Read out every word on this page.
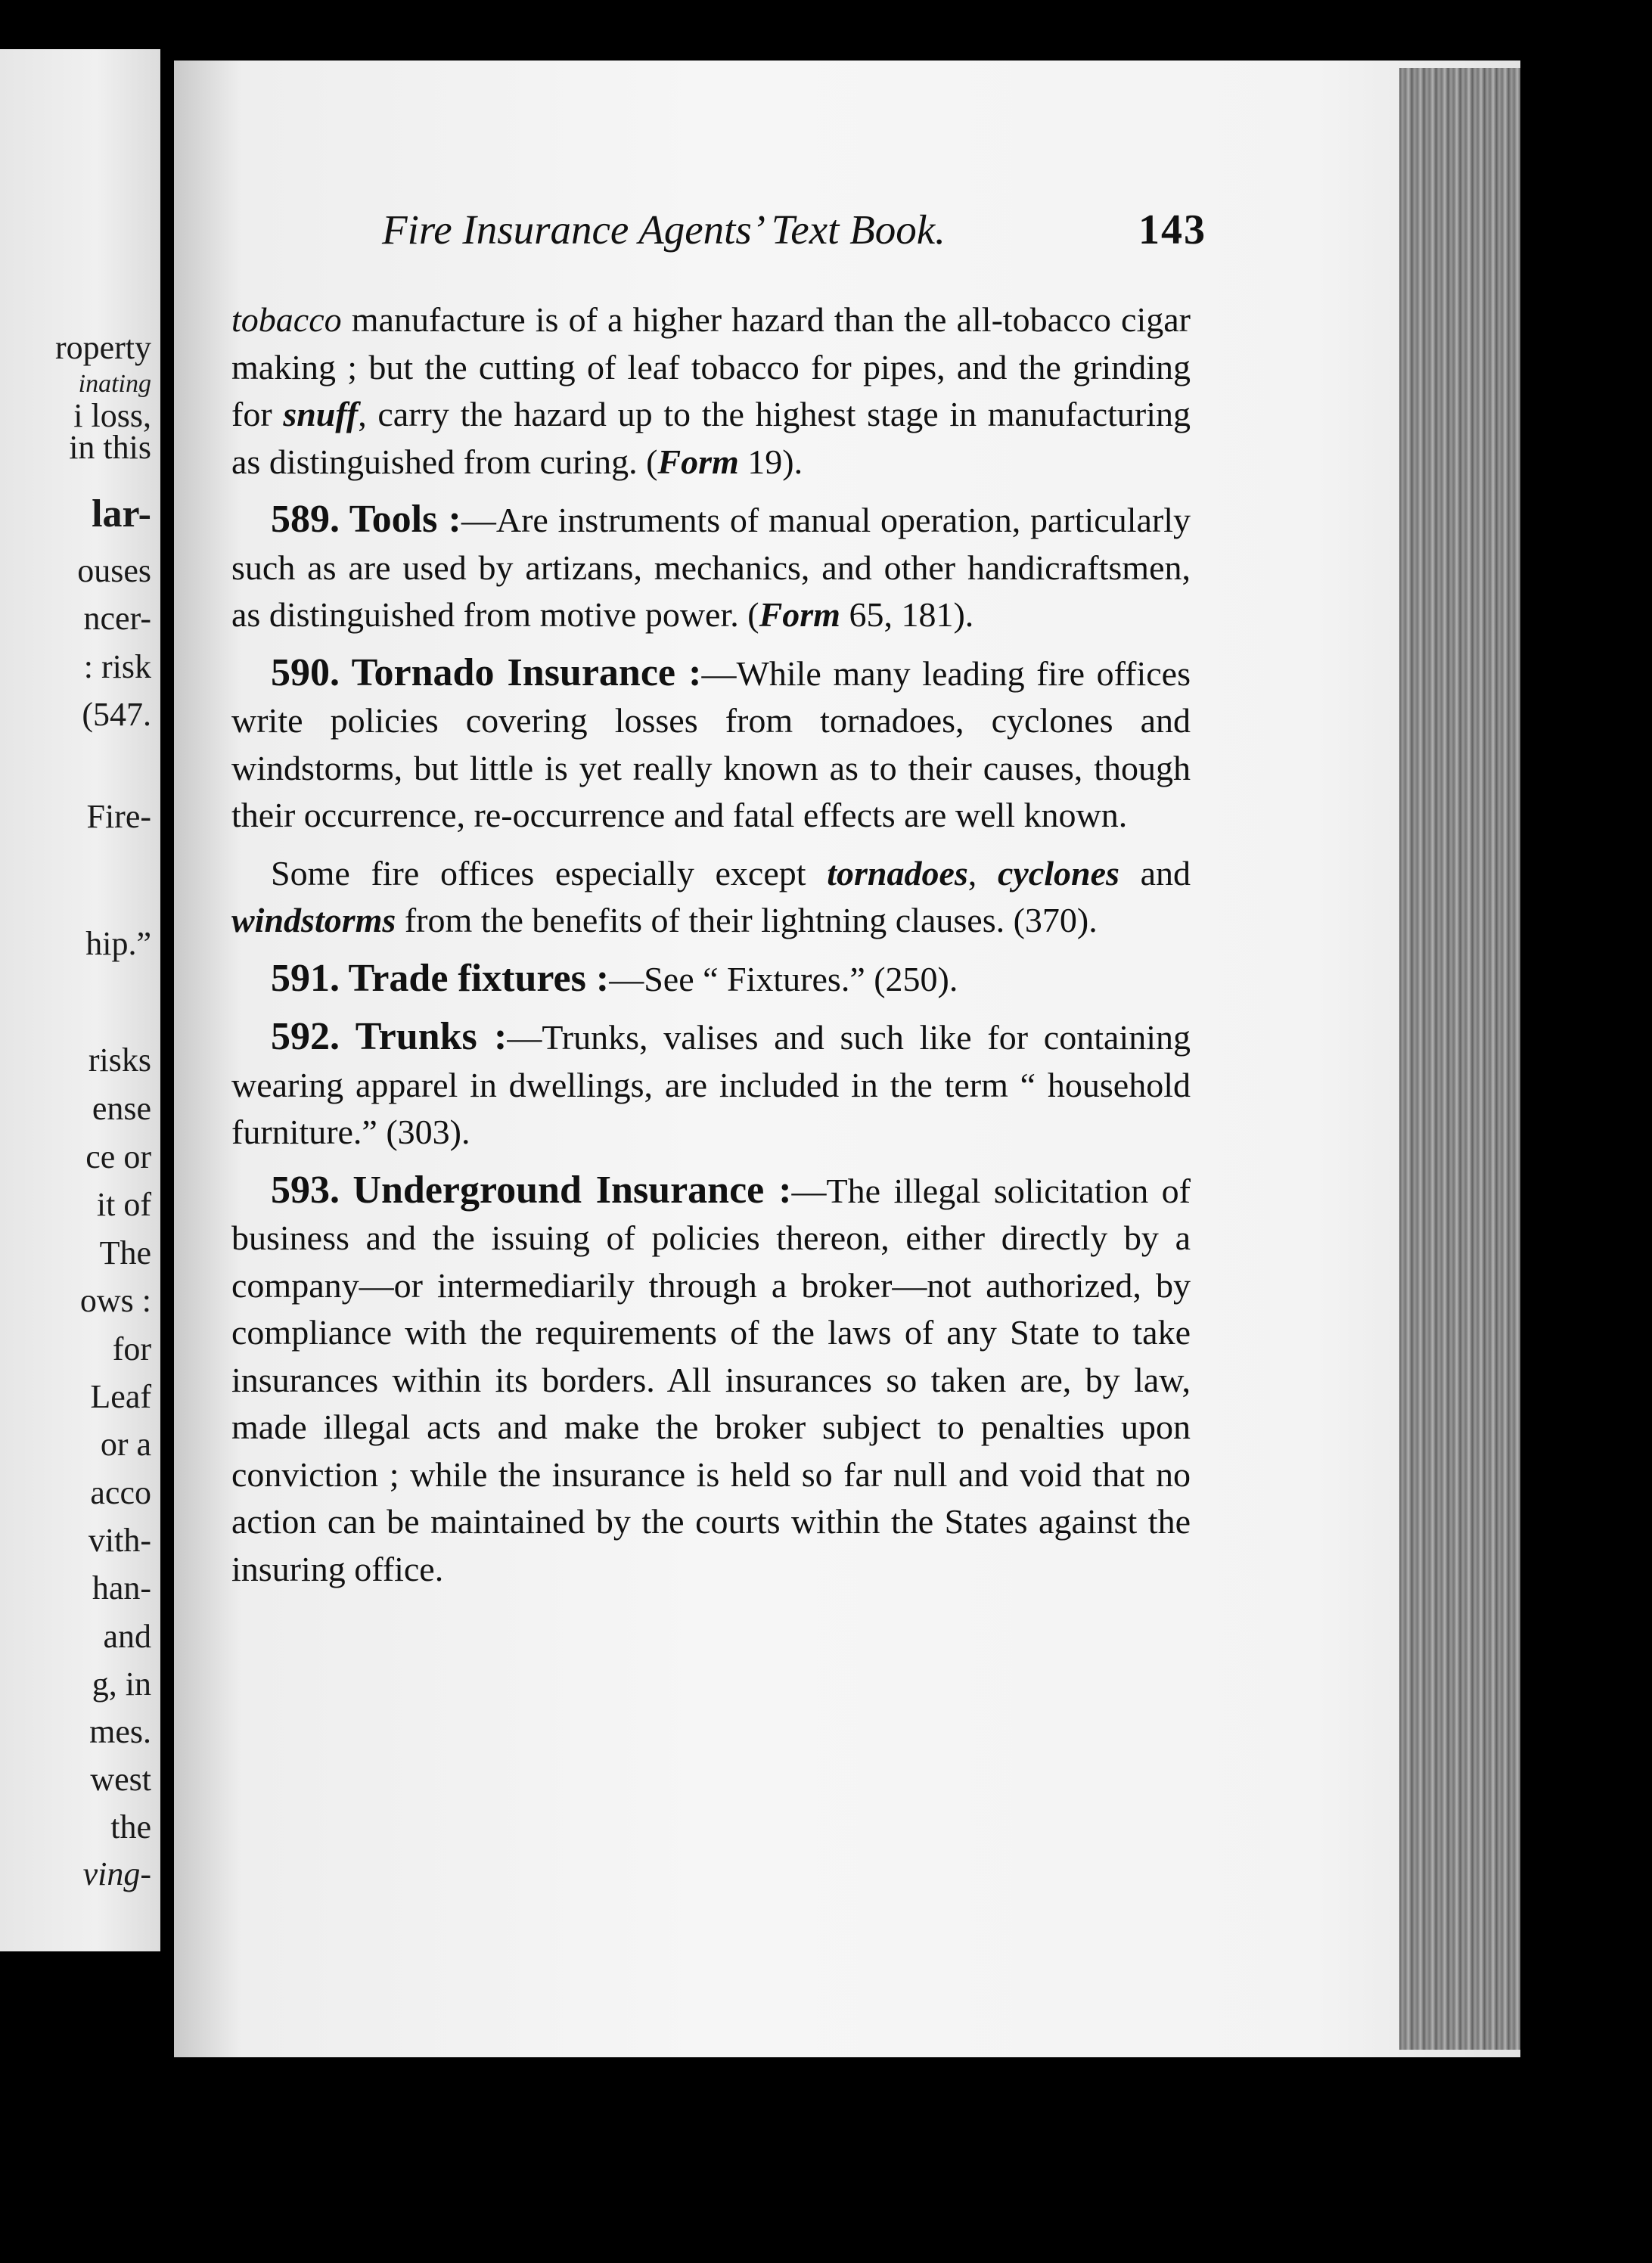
roperty
inating
i loss,
in this
lar-
ouses
ncer-
: risk
(547.
Fire-
hip.”
risks
ense
ce or
it of
The
ows :
for
Leaf
or a
acco
vith-
han-
and
g, in
mes.
west
the
ving-
Fire Insurance Agents’ Text Book.	143

tobacco manufacture is of a higher hazard than the all-tobacco cigar making ; but the cutting of leaf tobacco for pipes, and the grinding for snuff, carry the hazard up to the highest stage in manufacturing as distinguished from curing. (Form 19).

589. Tools :—Are instruments of manual operation, particularly such as are used by artizans, mechanics, and other handicraftsmen, as distinguished from motive power. (Form 65, 181).

590. Tornado Insurance :—While many leading fire offices write policies covering losses from tornadoes, cyclones and windstorms, but little is yet really known as to their causes, though their occurrence, re-occurrence and fatal effects are well known.

Some fire offices especially except tornadoes, cyclones and windstorms from the benefits of their lightning clauses. (370).

591. Trade fixtures :—See “ Fixtures.” (250).

592. Trunks :—Trunks, valises and such like for containing wearing apparel in dwellings, are included in the term “ household furniture.” (303).

593. Underground Insurance :—The illegal solicitation of business and the issuing of policies thereon, either directly by a company—or intermediarily through a broker—not authorized, by compliance with the requirements of the laws of any State to take insurances within its borders. All insurances so taken are, by law, made illegal acts and make the broker subject to penalties upon conviction ; while the insurance is held so far null and void that no action can be maintained by the courts within the States against the insuring office.
